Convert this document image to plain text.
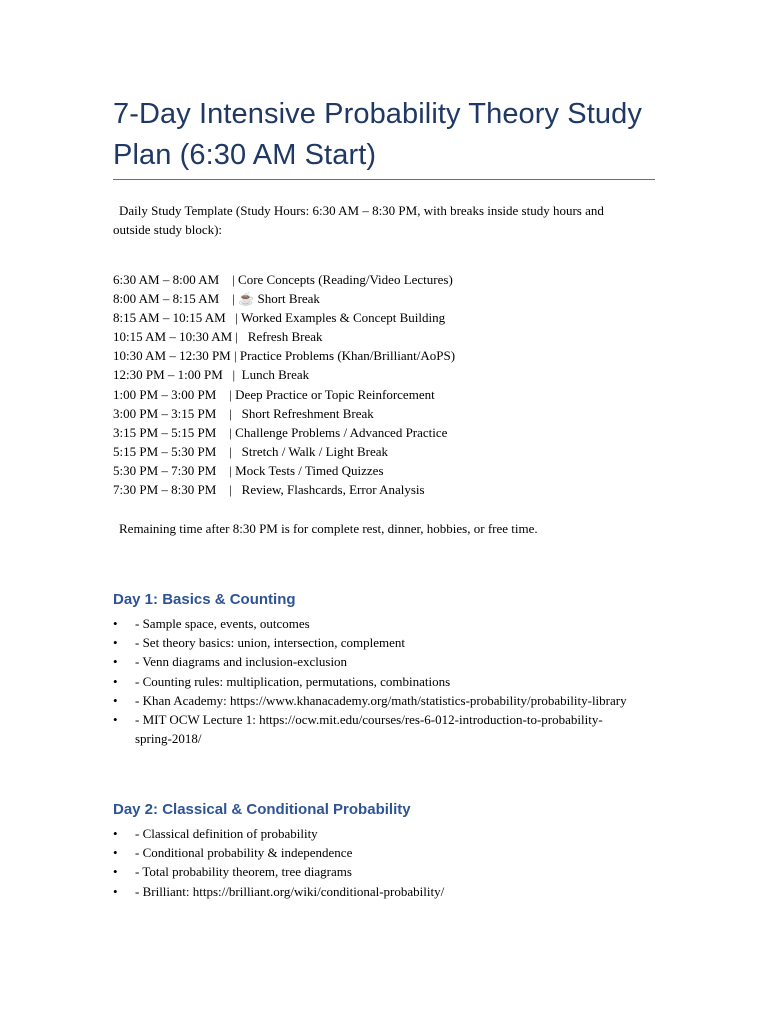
7-Day Intensive Probability Theory Study Plan (6:30 AM Start)
Daily Study Template (Study Hours: 6:30 AM – 8:30 PM, with breaks inside study hours and outside study block):
6:30 AM – 8:00 AM    | Core Concepts (Reading/Video Lectures)
8:00 AM – 8:15 AM    | ☕ Short Break
8:15 AM – 10:15 AM   | Worked Examples & Concept Building
10:15 AM – 10:30 AM |   Refresh Break
10:30 AM – 12:30 PM | Practice Problems (Khan/Brilliant/AoPS)
12:30 PM – 1:00 PM   |  Lunch Break
1:00 PM – 3:00 PM    | Deep Practice or Topic Reinforcement
3:00 PM – 3:15 PM    |   Short Refreshment Break
3:15 PM – 5:15 PM    | Challenge Problems / Advanced Practice
5:15 PM – 5:30 PM    |   Stretch / Walk / Light Break
5:30 PM – 7:30 PM    | Mock Tests / Timed Quizzes
7:30 PM – 8:30 PM    |   Review, Flashcards, Error Analysis
Remaining time after 8:30 PM is for complete rest, dinner, hobbies, or free time.
Day 1: Basics & Counting
• - Sample space, events, outcomes
• - Set theory basics: union, intersection, complement
• - Venn diagrams and inclusion-exclusion
• - Counting rules: multiplication, permutations, combinations
• - Khan Academy: https://www.khanacademy.org/math/statistics-probability/probability-library
• - MIT OCW Lecture 1: https://ocw.mit.edu/courses/res-6-012-introduction-to-probability-spring-2018/
Day 2: Classical & Conditional Probability
• - Classical definition of probability
• - Conditional probability & independence
• - Total probability theorem, tree diagrams
• - Brilliant: https://brilliant.org/wiki/conditional-probability/
